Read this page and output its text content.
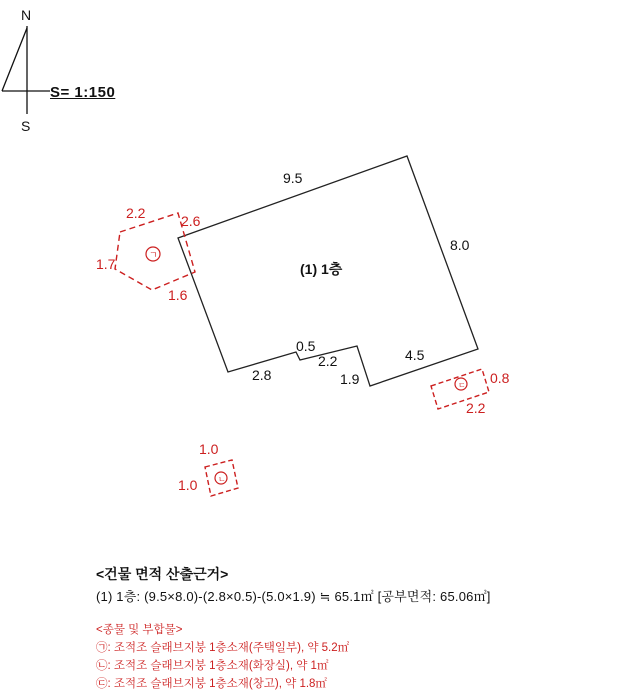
N
S
(1) 1층
9.5
8.0
4.5
1.9
2.2
0.5
2.8
ㄱ
2.2	2.6
1.7
1.6
ㄴ
1.0
1.0
ㄷ 0.8
2.2
S= 1:150
<건물 면적 산출근거>
(1) 1층: (9.5×8.0)-(2.8×0.5)-(5.0×1.9) ≒ 65.1㎡ [공부면적: 65.06㎡]
<종물 및 부합물>
㉠: 조적조 슬래브지붕 1층소재(주택일부), 약 5.2㎡
㉡: 조적조 슬래브지붕 1층소재(화장실), 약 1㎡
㉢: 조적조 슬래브지붕 1층소재(창고), 약 1.8㎡
